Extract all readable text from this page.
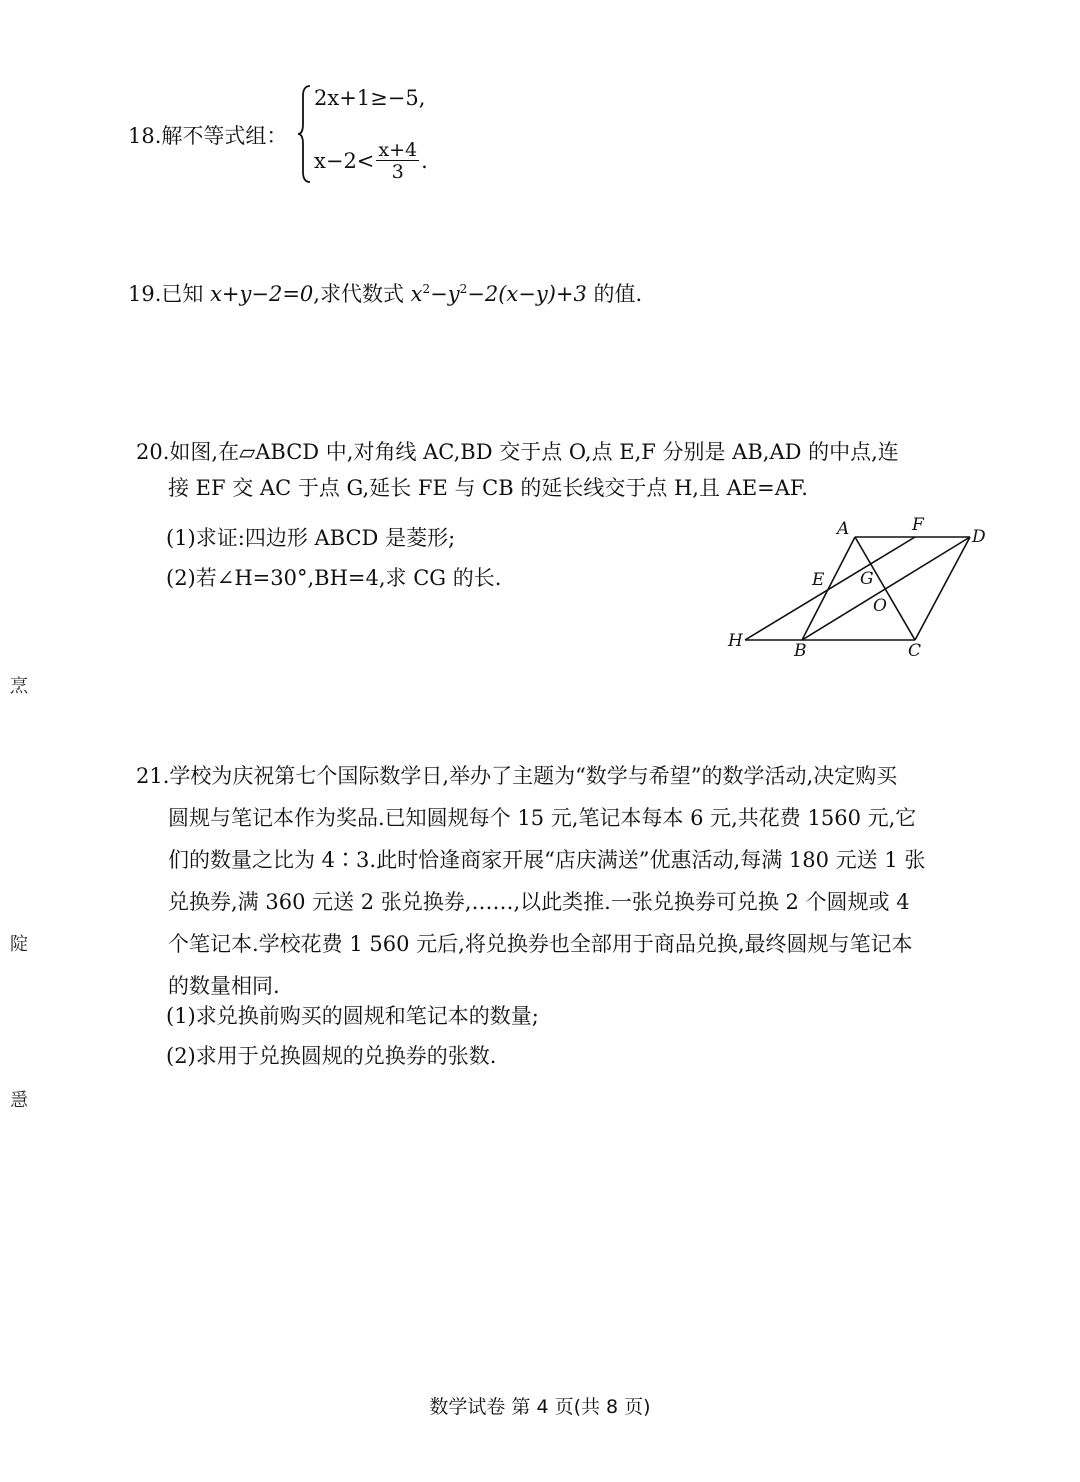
18.解不等式组：
2x+1≥−5,
$x-2< \frac{x+4}{3}$ .
19.已知 x+y−2=0,求代数式 $x^2-y^2-2(x-y)+3$ 的值.
20.如图,在▱ABCD 中,对角线 AC,BD 交于点 O,点 E,F 分别是 AB,AD 的中点,连
接 EF 交 AC 于点 G,延长 FE 与 CB 的延长线交于点 H,且 AE=AF.
(1)求证:四边形 ABCD 是菱形;
(2)若∠H=30°,BH=4,求 CG 的长.
A	F
D
E G
O
H	B	C
21.学校为庆祝第七个国际数学日,举办了主题为“数学与希望”的数学活动,决定购买
圆规与笔记本作为奖品.已知圆规每个 15 元,笔记本每本 6 元,共花费 1560 元,它
们的数量之比为 4∶3.此时恰逢商家开展“店庆满送”优惠活动,每满 180 元送 1 张
兑换券,满 360 元送 2 张兑换券,……,以此类推.一张兑换券可兑换 2 个圆规或 4
个笔记本.学校花费 1 560 元后,将兑换券也全部用于商品兑换,最终圆规与笔记本
的数量相同.
(1)求兑换前购买的圆规和笔记本的数量;
(2)求用于兑换圆规的兑换券的张数.
烹
䧑
㥯
数学试卷 第 4 页(共 8 页)
